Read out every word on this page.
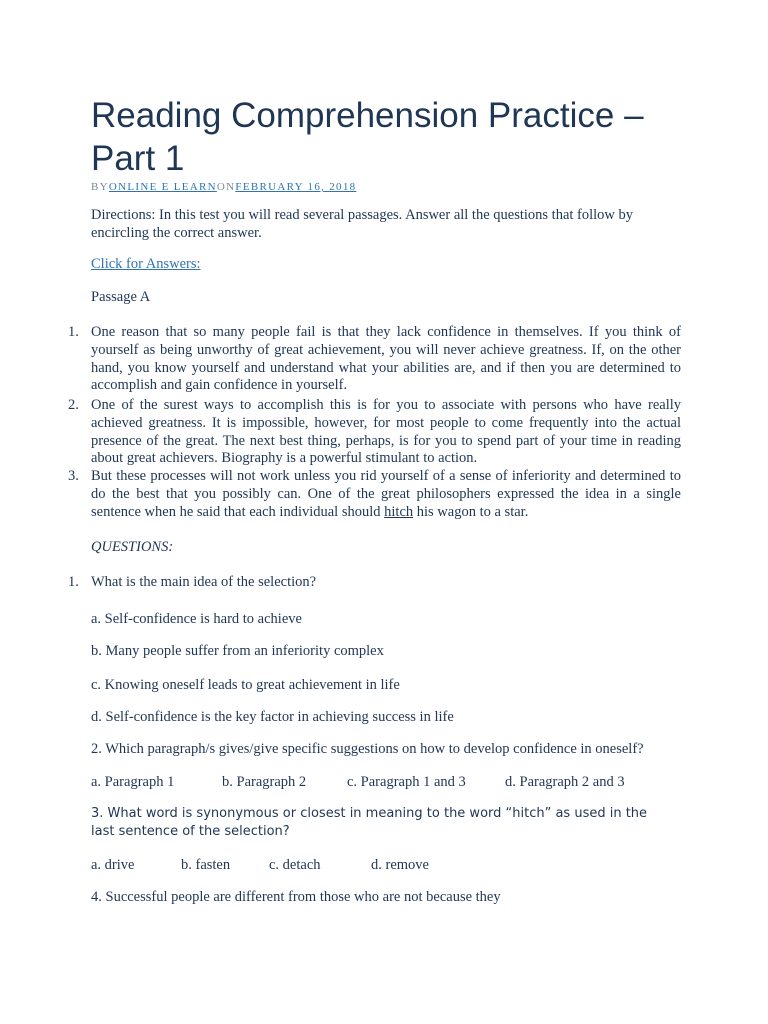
Reading Comprehension Practice – Part 1
BYONLINE E LEARNONFEBRUARY 16, 2018
Directions: In this test you will read several passages. Answer all the questions that follow by encircling the correct answer.
Click for Answers:
Passage A
1. One reason that so many people fail is that they lack confidence in themselves. If you think of yourself as being unworthy of great achievement, you will never achieve greatness. If, on the other hand, you know yourself and understand what your abilities are, and if then you are determined to accomplish and gain confidence in yourself.
2. One of the surest ways to accomplish this is for you to associate with persons who have really achieved greatness. It is impossible, however, for most people to come frequently into the actual presence of the great. The next best thing, perhaps, is for you to spend part of your time in reading about great achievers. Biography is a powerful stimulant to action.
3. But these processes will not work unless you rid yourself of a sense of inferiority and determined to do the best that you possibly can. One of the great philosophers expressed the idea in a single sentence when he said that each individual should hitch his wagon to a star.
QUESTIONS:
1. What is the main idea of the selection?
a. Self-confidence is hard to achieve
b. Many people suffer from an inferiority complex
c. Knowing oneself leads to great achievement in life
d. Self-confidence is the key factor in achieving success in life
2. Which paragraph/s gives/give specific suggestions on how to develop confidence in oneself?
a. Paragraph 1	b. Paragraph 2	c. Paragraph 1 and 3	d. Paragraph 2 and 3
3. What word is synonymous or closest in meaning to the word “hitch” as used in the last sentence of the selection?
a. drive	b. fasten	c. detach	d. remove
4. Successful people are different from those who are not because they
